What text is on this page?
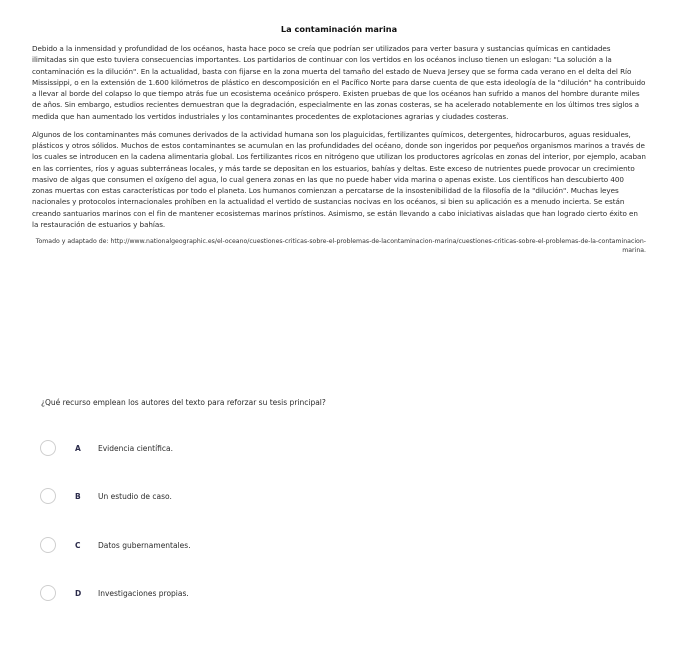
La contaminación marina

Debido a la inmensidad y profundidad de los océanos, hasta hace poco se creía que podrían ser utilizados para verter basura y sustancias químicas en cantidades ilimitadas sin que esto tuviera consecuencias importantes. Los partidarios de continuar con los vertidos en los océanos incluso tienen un eslogan: "La solución a la contaminación es la dilución". En la actualidad, basta con fijarse en la zona muerta del tamaño del estado de Nueva Jersey que se forma cada verano en el delta del Río Mississippi, o en la extensión de 1.600 kilómetros de plástico en descomposición en el Pacífico Norte para darse cuenta de que esta ideología de la "dilución" ha contribuido a llevar al borde del colapso lo que tiempo atrás fue un ecosistema oceánico próspero. Existen pruebas de que los océanos han sufrido a manos del hombre durante miles de años. Sin embargo, estudios recientes demuestran que la degradación, especialmente en las zonas costeras, se ha acelerado notablemente en los últimos tres siglos a medida que han aumentado los vertidos industriales y los contaminantes procedentes de explotaciones agrarias y ciudades costeras.

Algunos de los contaminantes más comunes derivados de la actividad humana son los plaguicidas, fertilizantes químicos, detergentes, hidrocarburos, aguas residuales, plásticos y otros sólidos. Muchos de estos contaminantes se acumulan en las profundidades del océano, donde son ingeridos por pequeños organismos marinos a través de los cuales se introducen en la cadena alimentaria global. Los fertilizantes ricos en nitrógeno que utilizan los productores agrícolas en zonas del interior, por ejemplo, acaban en las corrientes, ríos y aguas subterráneas locales, y más tarde se depositan en los estuarios, bahías y deltas. Este exceso de nutrientes puede provocar un crecimiento masivo de algas que consumen el oxígeno del agua, lo cual genera zonas en las que no puede haber vida marina o apenas existe. Los científicos han descubierto 400 zonas muertas con estas características por todo el planeta. Los humanos comienzan a percatarse de la insostenibilidad de la filosofía de la "dilución". Muchas leyes nacionales y protocolos internacionales prohíben en la actualidad el vertido de sustancias nocivas en los océanos, si bien su aplicación es a menudo incierta. Se están creando santuarios marinos con el fin de mantener ecosistemas marinos prístinos. Asimismo, se están llevando a cabo iniciativas aisladas que han logrado cierto éxito en la restauración de estuarios y bahías.

Tomado y adaptado de: http://www.nationalgeographic.es/el-oceano/cuestiones-criticas-sobre-el-problemas-de-lacontaminacion-marina/cuestiones-criticas-sobre-el-problemas-de-la-contaminacion-marina.

¿Qué recurso emplean los autores del texto para reforzar su tesis principal?
A Evidencia científica.
B Un estudio de caso.
C Datos gubernamentales.
D Investigaciones propias.
